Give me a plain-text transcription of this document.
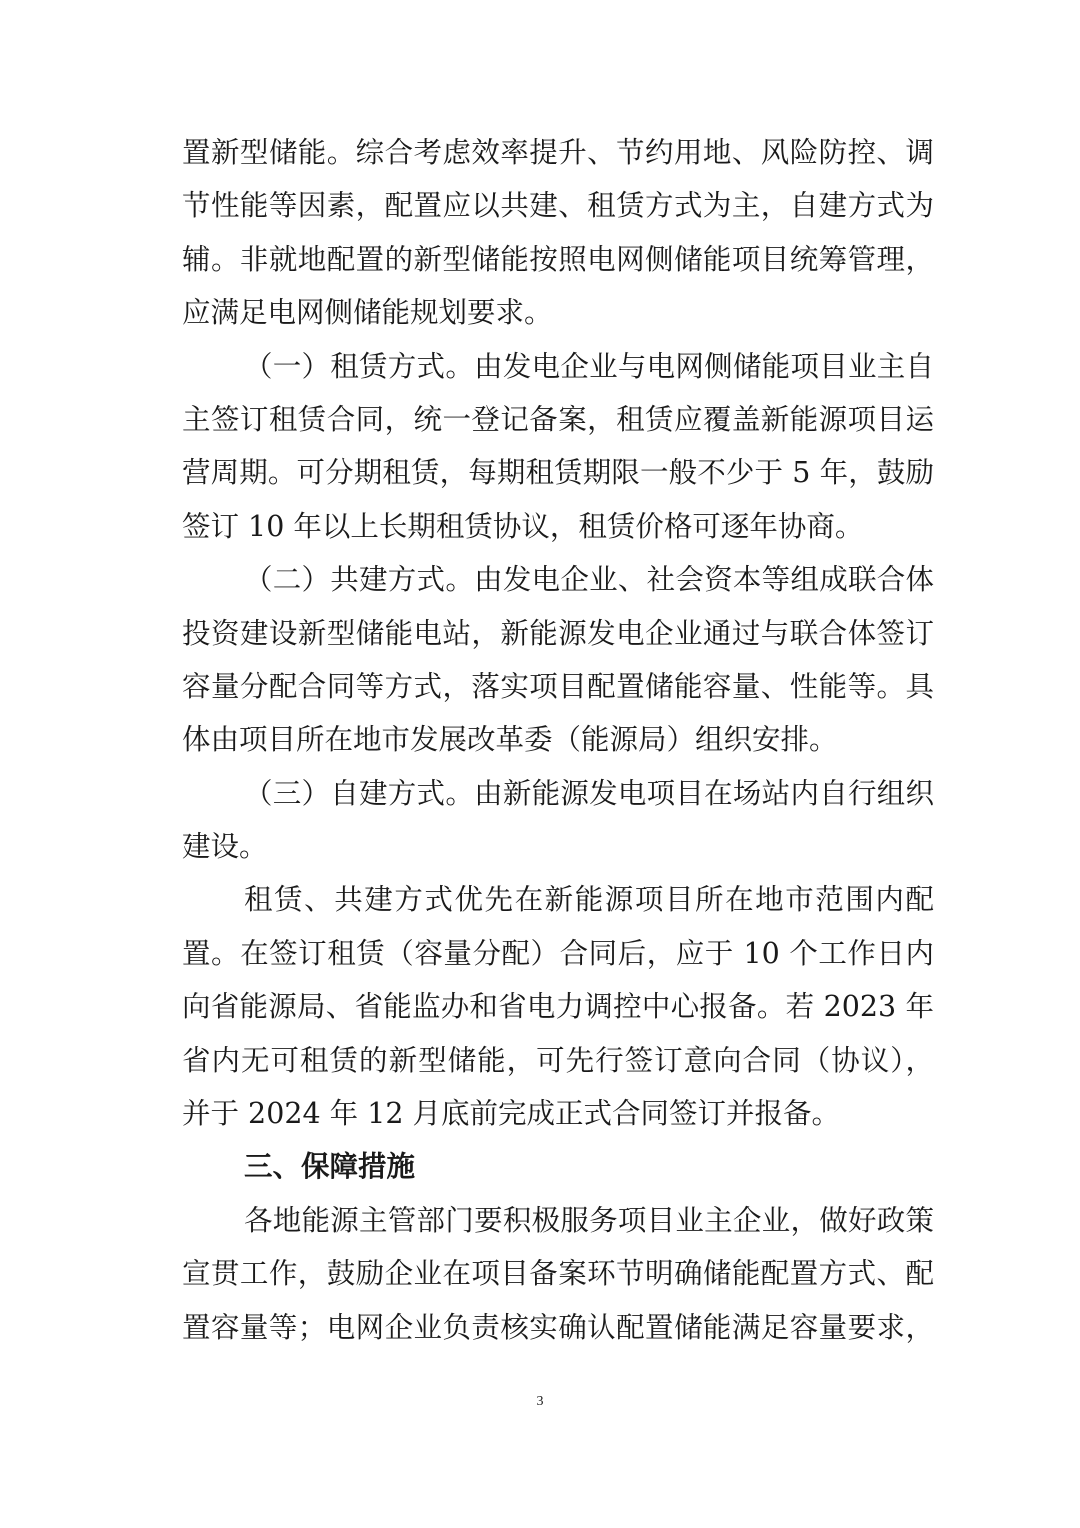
置新型储能。综合考虑效率提升、节约用地、风险防控、调
节性能等因素，配置应以共建、租赁方式为主，自建方式为
辅。非就地配置的新型储能按照电网侧储能项目统筹管理，
应满足电网侧储能规划要求。
（一）租赁方式。由发电企业与电网侧储能项目业主自
主签订租赁合同，统一登记备案，租赁应覆盖新能源项目运
营周期。可分期租赁，每期租赁期限一般不少于 5 年，鼓励
签订 10 年以上长期租赁协议，租赁价格可逐年协商。
（二）共建方式。由发电企业、社会资本等组成联合体
投资建设新型储能电站，新能源发电企业通过与联合体签订
容量分配合同等方式，落实项目配置储能容量、性能等。具
体由项目所在地市发展改革委（能源局）组织安排。
（三）自建方式。由新能源发电项目在场站内自行组织
建设。
租赁、共建方式优先在新能源项目所在地市范围内配
置。在签订租赁（容量分配）合同后，应于 10 个工作日内
向省能源局、省能监办和省电力调控中心报备。若 2023 年
省内无可租赁的新型储能，可先行签订意向合同（协议），
并于 2024 年 12 月底前完成正式合同签订并报备。
三、保障措施
各地能源主管部门要积极服务项目业主企业，做好政策
宣贯工作，鼓励企业在项目备案环节明确储能配置方式、配
置容量等；电网企业负责核实确认配置储能满足容量要求，
3
